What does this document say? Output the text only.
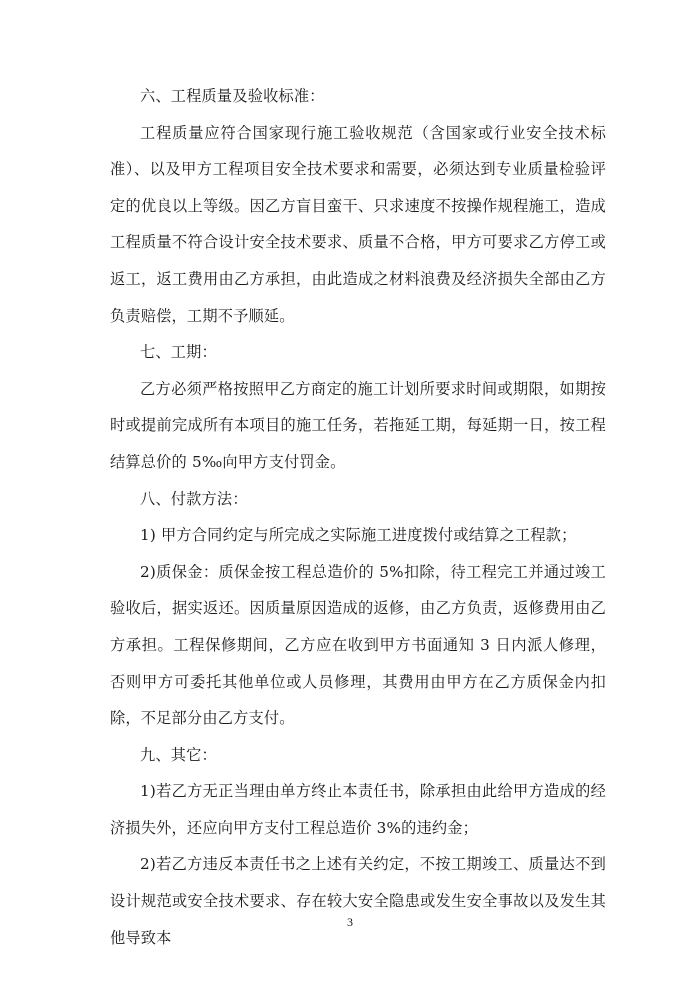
六、工程质量及验收标准：

工程质量应符合国家现行施工验收规范（含国家或行业安全技术标准）、以及甲方工程项目安全技术要求和需要，必须达到专业质量检验评定的优良以上等级。因乙方盲目蛮干、只求速度不按操作规程施工，造成工程质量不符合设计安全技术要求、质量不合格，甲方可要求乙方停工或返工，返工费用由乙方承担，由此造成之材料浪费及经济损失全部由乙方负责赔偿，工期不予顺延。

七、工期：

乙方必须严格按照甲乙方商定的施工计划所要求时间或期限，如期按时或提前完成所有本项目的施工任务，若拖延工期，每延期一日，按工程结算总价的 5‰向甲方支付罚金。

八、付款方法：

1) 甲方合同约定与所完成之实际施工进度拨付或结算之工程款；

2)质保金：质保金按工程总造价的 5%扣除，待工程完工并通过竣工验收后，据实返还。因质量原因造成的返修，由乙方负责，返修费用由乙方承担。工程保修期间，乙方应在收到甲方书面通知 3 日内派人修理，否则甲方可委托其他单位或人员修理，其费用由甲方在乙方质保金内扣除，不足部分由乙方支付。

九、其它：

1)若乙方无正当理由单方终止本责任书，除承担由此给甲方造成的经济损失外，还应向甲方支付工程总造价 3%的违约金；

2)若乙方违反本责任书之上述有关约定，不按工期竣工、质量达不到设计规范或安全技术要求、存在较大安全隐患或发生安全事故以及发生其他导致本

3
